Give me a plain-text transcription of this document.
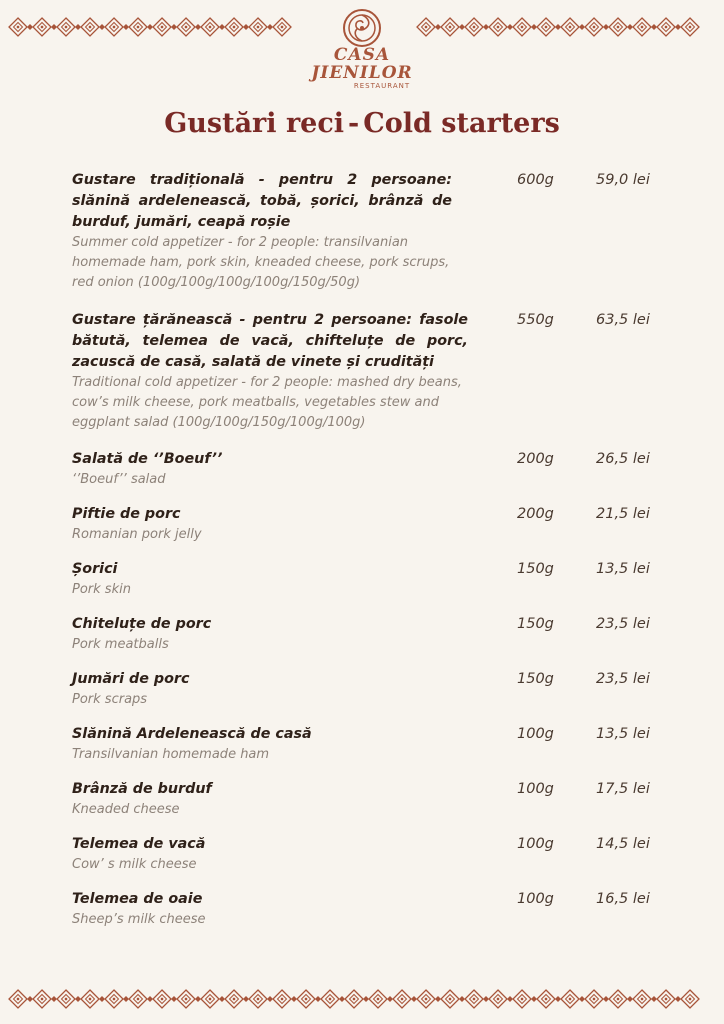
CASA JIENILOR
RESTAURANT
Gustări reci - Cold starters
Gustare tradițională - pentru 2 persoane: slănină ardelenească, tobă, șorici, brânză de burduf, jumări, ceapă roșie
Summer cold appetizer - for 2 people: transilvanian homemade ham, pork skin, kneaded cheese, pork scrups, red onion (100g/100g/100g/100g/150g/50g)
600g	59,0 lei
Gustare țărănească - pentru 2 persoane: fasole bătută, telemea de vacă, chifteluțe de porc, zacuscă de casă, salată de vinete și crudități
Traditional cold appetizer - for 2 people: mashed dry beans, cow’s milk cheese, pork meatballs, vegetables stew and eggplant salad (100g/100g/150g/100g/100g)
550g	63,5 lei
Salată de ‘’Boeuf’’
‘’Boeuf’’ salad
200g	26,5 lei
Piftie de porc
Romanian pork jelly
200g	21,5 lei
Șorici
Pork skin
150g	13,5 lei
Chiteluțe de porc
Pork meatballs
150g	23,5 lei
Jumări de porc
Pork scraps
150g	23,5 lei
Slănină Ardelenească de casă
Transilvanian homemade ham
100g	13,5 lei
Brânză de burduf
Kneaded cheese
100g	17,5 lei
Telemea de vacă
Cow’ s milk cheese
100g	14,5 lei
Telemea de oaie
Sheep’s milk cheese
100g	16,5 lei
